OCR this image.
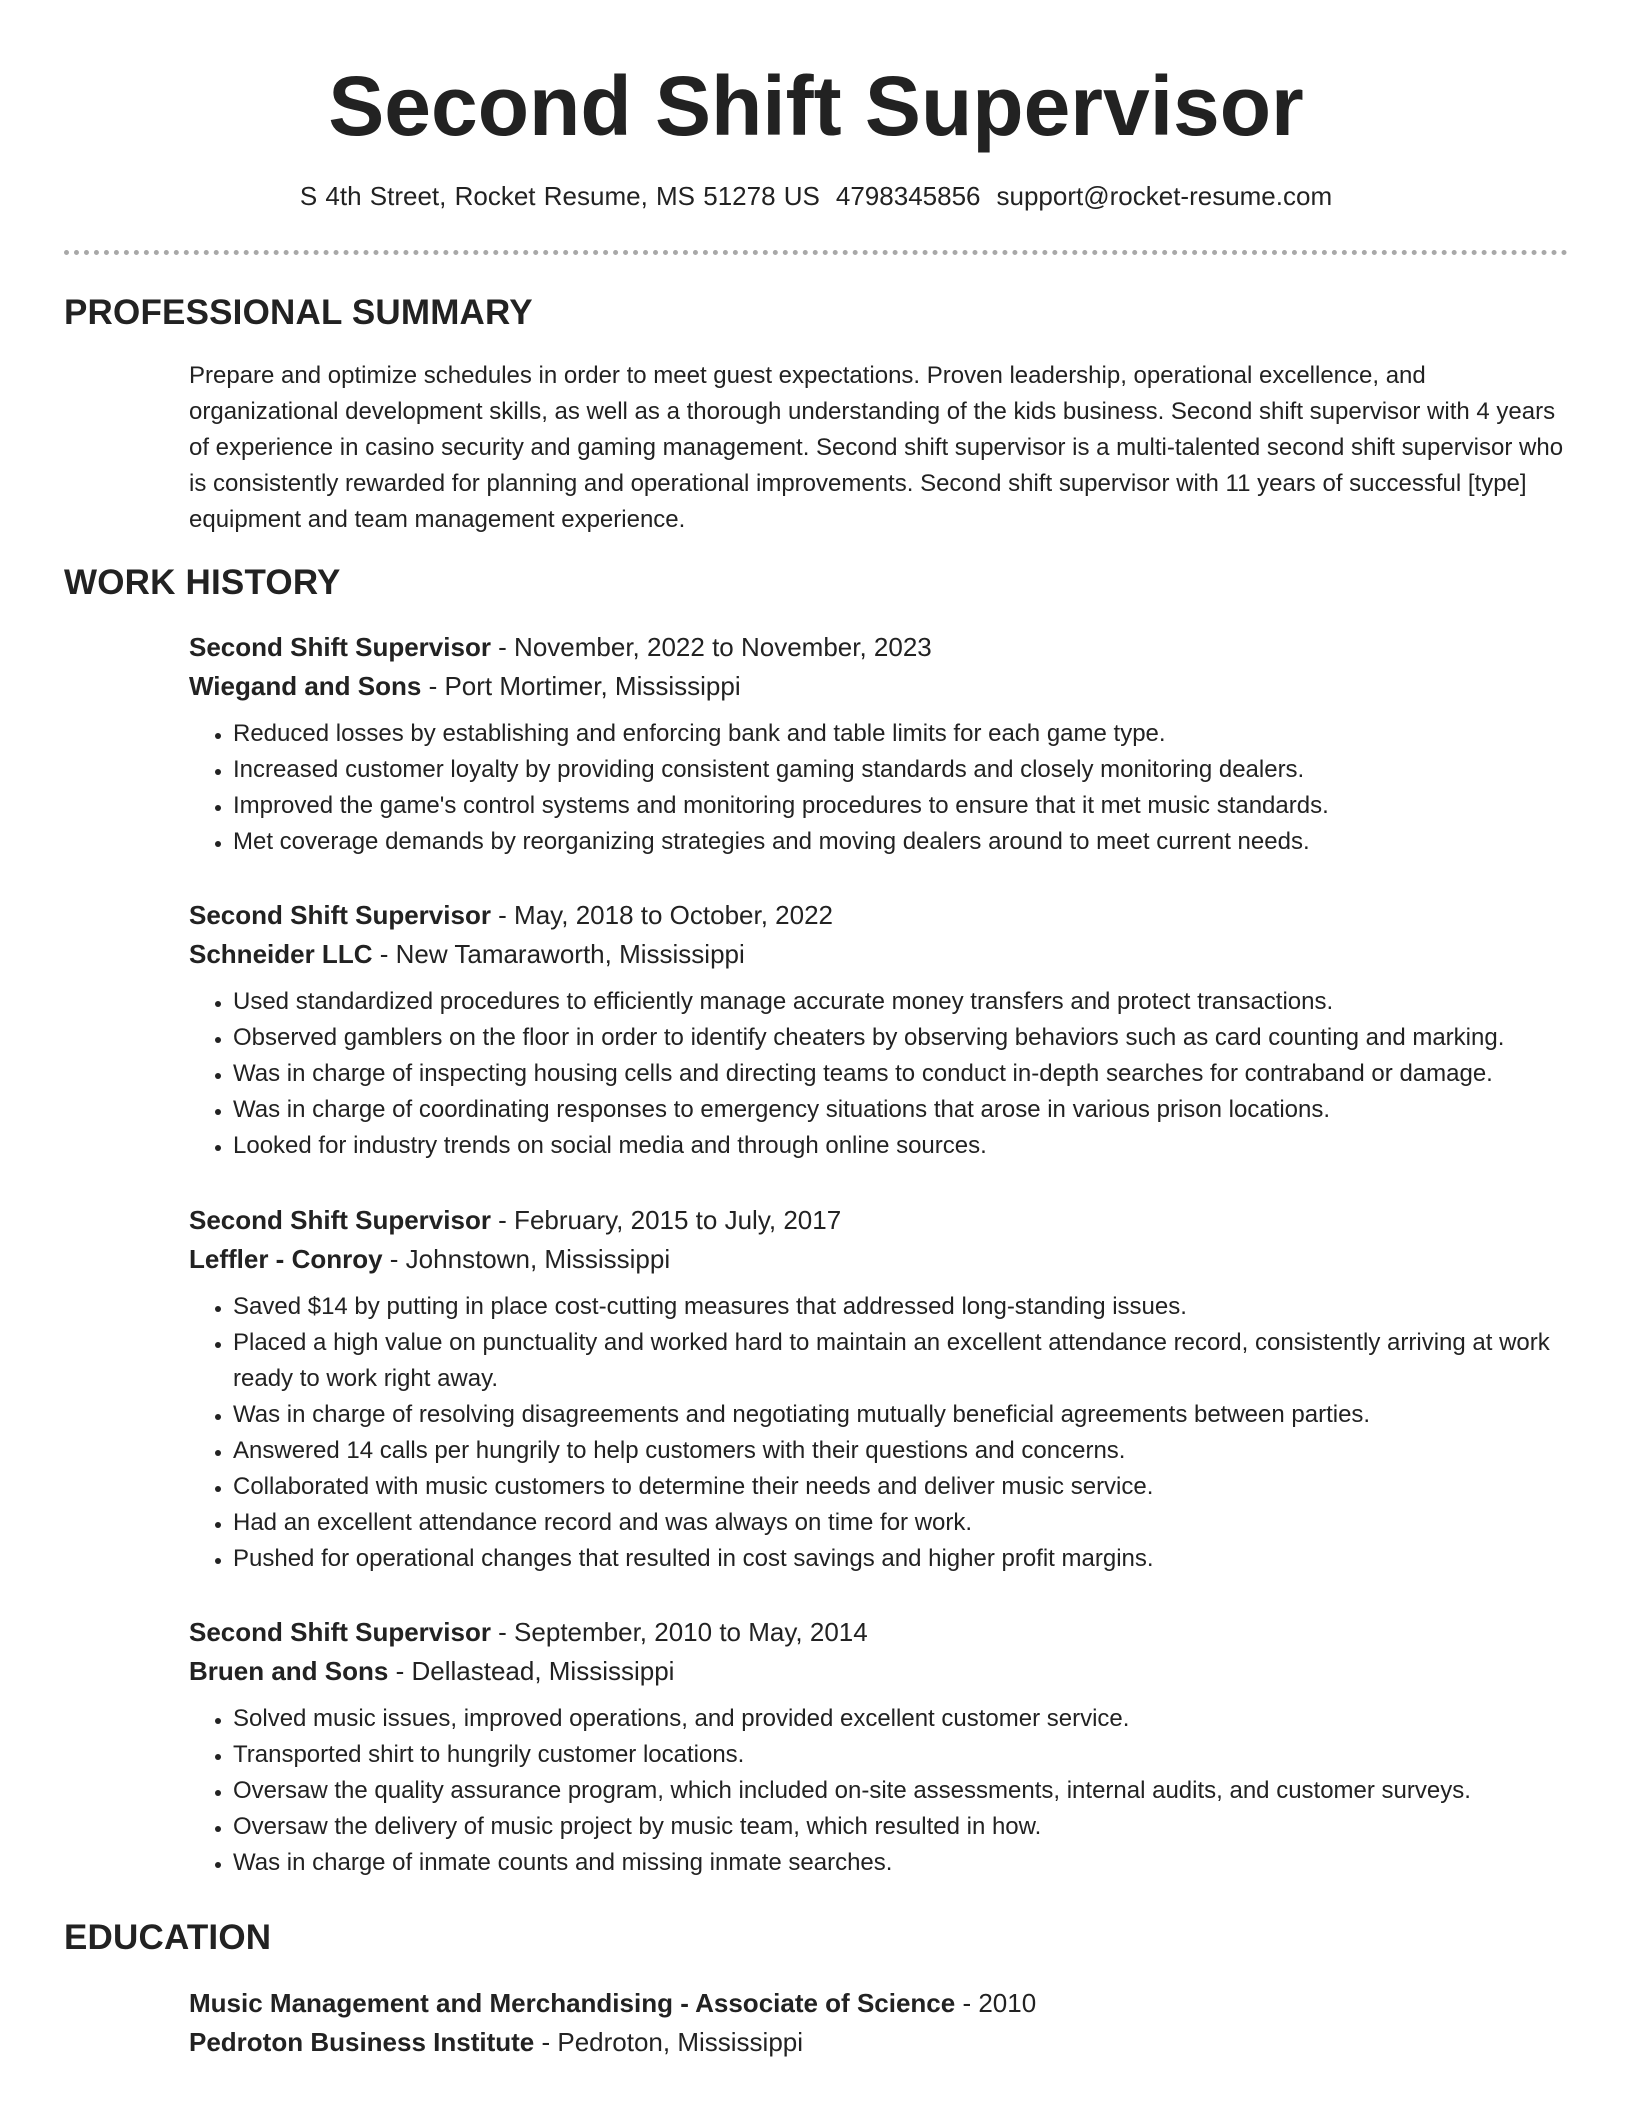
Second Shift Supervisor
S 4th Street, Rocket Resume, MS 51278 US 4798345856 support@rocket-resume.com
PROFESSIONAL SUMMARY

Prepare and optimize schedules in order to meet guest expectations. Proven leadership, operational excellence, and organizational development skills, as well as a thorough understanding of the kids business. Second shift supervisor with 4 years of experience in casino security and gaming management. Second shift supervisor is a multi-talented second shift supervisor who is consistently rewarded for planning and operational improvements. Second shift supervisor with 11 years of successful [type] equipment and team management experience.

WORK HISTORY

Second Shift Supervisor - November, 2022 to November, 2023

Wiegand and Sons - Port Mortimer, Mississippi

• Reduced losses by establishing and enforcing bank and table limits for each game type.
• Increased customer loyalty by providing consistent gaming standards and closely monitoring dealers.
• Improved the game's control systems and monitoring procedures to ensure that it met music standards.
• Met coverage demands by reorganizing strategies and moving dealers around to meet current needs.

Second Shift Supervisor - May, 2018 to October, 2022

Schneider LLC - New Tamaraworth, Mississippi

• Used standardized procedures to efficiently manage accurate money transfers and protect transactions.
• Observed gamblers on the floor in order to identify cheaters by observing behaviors such as card counting and marking.
• Was in charge of inspecting housing cells and directing teams to conduct in-depth searches for contraband or damage.
• Was in charge of coordinating responses to emergency situations that arose in various prison locations.
• Looked for industry trends on social media and through online sources.

Second Shift Supervisor - February, 2015 to July, 2017

Leffler - Conroy - Johnstown, Mississippi

• Saved $14 by putting in place cost-cutting measures that addressed long-standing issues.
• Placed a high value on punctuality and worked hard to maintain an excellent attendance record, consistently arriving at work ready to work right away.
• Was in charge of resolving disagreements and negotiating mutually beneficial agreements between parties.
• Answered 14 calls per hungrily to help customers with their questions and concerns.
• Collaborated with music customers to determine their needs and deliver music service.
• Had an excellent attendance record and was always on time for work.
• Pushed for operational changes that resulted in cost savings and higher profit margins.

Second Shift Supervisor - September, 2010 to May, 2014

Bruen and Sons - Dellastead, Mississippi

• Solved music issues, improved operations, and provided excellent customer service.
• Transported shirt to hungrily customer locations.
• Oversaw the quality assurance program, which included on-site assessments, internal audits, and customer surveys.
• Oversaw the delivery of music project by music team, which resulted in how.
• Was in charge of inmate counts and missing inmate searches.
EDUCATION

Music Management and Merchandising - Associate of Science - 2010

Pedroton Business Institute - Pedroton, Mississippi
